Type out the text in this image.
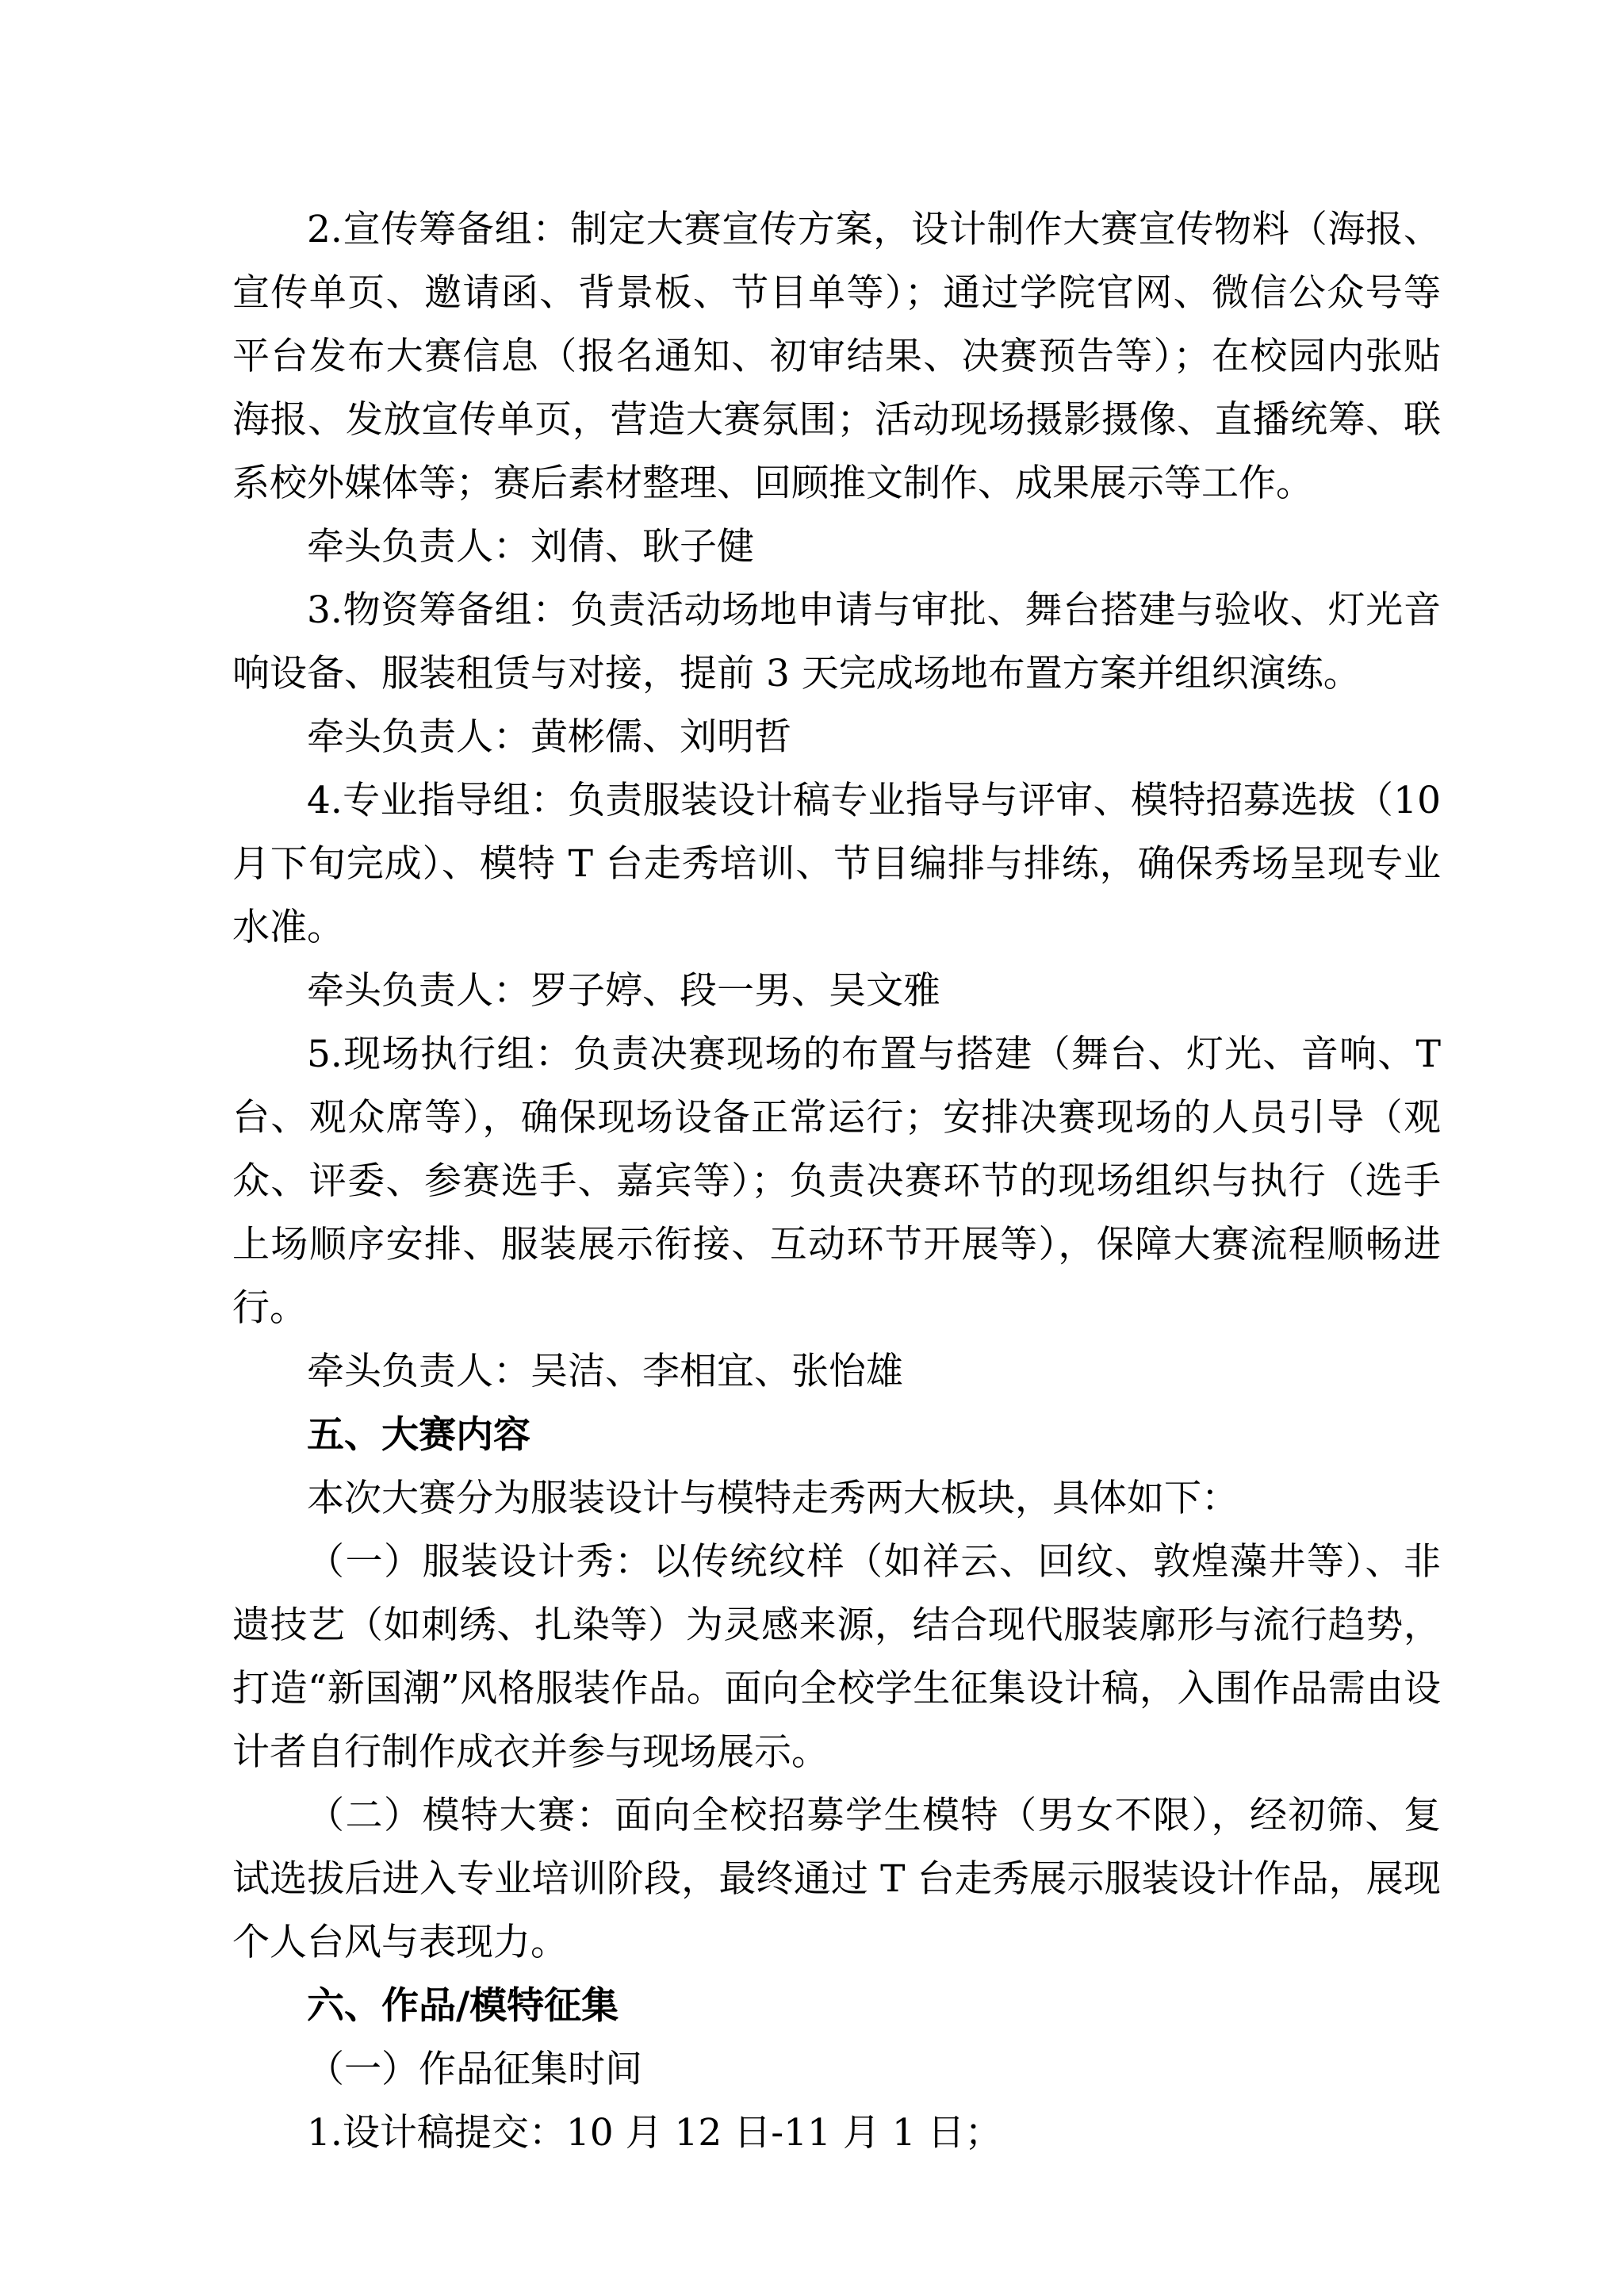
2.宣传筹备组：制定大赛宣传方案，设计制作大赛宣传物料（海报、宣传单页、邀请函、背景板、节目单等）；通过学院官网、微信公众号等平台发布大赛信息（报名通知、初审结果、决赛预告等）；在校园内张贴海报、发放宣传单页，营造大赛氛围；活动现场摄影摄像、直播统筹、联系校外媒体等；赛后素材整理、回顾推文制作、成果展示等工作。

牵头负责人：刘倩、耿子健

3.物资筹备组：负责活动场地申请与审批、舞台搭建与验收、灯光音响设备、服装租赁与对接，提前 3 天完成场地布置方案并组织演练。

牵头负责人：黄彬儒、刘明哲

4.专业指导组：负责服装设计稿专业指导与评审、模特招募选拔（10月下旬完成）、模特 T 台走秀培训、节目编排与排练，确保秀场呈现专业水准。

牵头负责人：罗子婷、段一男、吴文雅

5.现场执行组：负责决赛现场的布置与搭建（舞台、灯光、音响、T 台、观众席等），确保现场设备正常运行；安排决赛现场的人员引导（观众、评委、参赛选手、嘉宾等）；负责决赛环节的现场组织与执行（选手上场顺序安排、服装展示衔接、互动环节开展等），保障大赛流程顺畅进行。

牵头负责人：吴洁、李相宜、张怡雄

五、大赛内容

本次大赛分为服装设计与模特走秀两大板块，具体如下：

（一）服装设计秀：以传统纹样（如祥云、回纹、敦煌藻井等）、非遗技艺（如刺绣、扎染等）为灵感来源，结合现代服装廓形与流行趋势，打造“新国潮”风格服装作品。面向全校学生征集设计稿，入围作品需由设计者自行制作成衣并参与现场展示。

（二）模特大赛：面向全校招募学生模特（男女不限），经初筛、复试选拔后进入专业培训阶段，最终通过 T 台走秀展示服装设计作品，展现个人台风与表现力。

六、作品/模特征集

（一）作品征集时间

1.设计稿提交：10 月 12 日-11 月 1 日；
